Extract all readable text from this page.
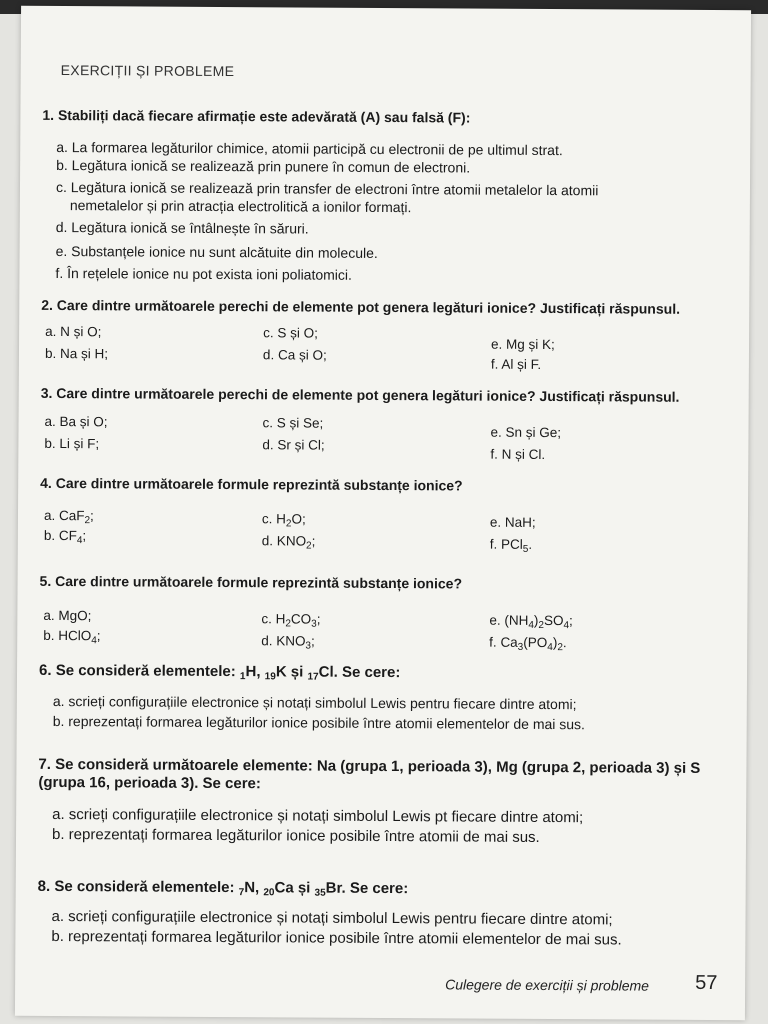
EXERCIȚII ȘI PROBLEME
1. Stabiliți dacă fiecare afirmație este adevărată (A) sau falsă (F):
a. La formarea legăturilor chimice, atomii participă cu electronii de pe ultimul strat.
b. Legătura ionică se realizează prin punere în comun de electroni.
c. Legătura ionică se realizează prin transfer de electroni între atomii metalelor la atomii
nemetalelor și prin atracția electrolitică a ionilor formați.
d. Legătura ionică se întâlnește în săruri.
e. Substanțele ionice nu sunt alcătuite din molecule.
f. În rețelele ionice nu pot exista ioni poliatomici.
2. Care dintre următoarele perechi de elemente pot genera legături ionice? Justificați răspunsul.
a. N și O;
b. Na și H;
c. S și O;
d. Ca și O;
e. Mg și K;
f. Al și F.
3. Care dintre următoarele perechi de elemente pot genera legături ionice? Justificați răspunsul.
a. Ba și O;
b. Li și F;
c. S și Se;
d. Sr și Cl;
e. Sn și Ge;
f. N și Cl.
4. Care dintre următoarele formule reprezintă substanțe ionice?
a. CaF$_2$;
b. $CF_4$;
c. $H_2O$;
d. $KNO_2$;
e. NaH;
f. PCl$_5$.
5. Care dintre următoarele formule reprezintă substanțe ionice?
a. MgO;
b. HClO$_4$;
c. $H_2CO_3$;
d. $KNO_3$;
e. $(NH_4)_2SO_4$;
f. $Ca_3(PO_4)_2$.
6. Se consideră elementele: $_1$H, $_{19}$K și $_{17}$Cl. Se cere:
a. scrieți configurațiile electronice și notați simbolul Lewis pentru fiecare dintre atomi;
b. reprezentați formarea legăturilor ionice posibile între atomii elementelor de mai sus.
7. Se consideră următoarele elemente: Na (grupa 1, perioada 3), Mg (grupa 2, perioada 3) și S
(grupa 16, perioada 3). Se cere:
a. scrieți configurațiile electronice și notați simbolul Lewis pt fiecare dintre atomi;
b. reprezentați formarea legăturilor ionice posibile între atomii de mai sus.
8. Se consideră elementele: $_7$N, $_{20}$Ca și $_{35}$Br. Se cere:
a. scrieți configurațiile electronice și notați simbolul Lewis pentru fiecare dintre atomi;
b. reprezentați formarea legăturilor ionice posibile între atomii elementelor de mai sus.
Culegere de exerciții și probleme 57
